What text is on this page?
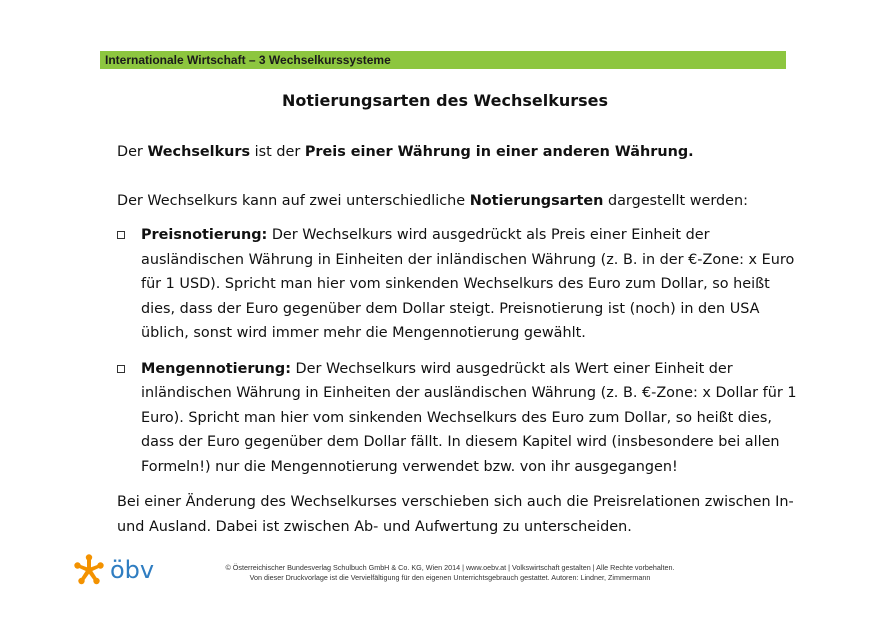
Internationale Wirtschaft – 3 Wechselkurssysteme
Notierungsarten des Wechselkurses

Der Wechselkurs ist der Preis einer Währung in einer anderen Währung.

Der Wechselkurs kann auf zwei unterschiedliche Notierungsarten dargestellt werden:

Preisnotierung: Der Wechselkurs wird ausgedrückt als Preis einer Einheit der ausländischen Währung in Einheiten der inländischen Währung (z. B. in der €-Zone: x Euro für 1 USD). Spricht man hier vom sinkenden Wechselkurs des Euro zum Dollar, so heißt dies, dass der Euro gegenüber dem Dollar steigt. Preisnotierung ist (noch) in den USA üblich, sonst wird immer mehr die Mengennotierung gewählt.
Mengennotierung: Der Wechselkurs wird ausgedrückt als Wert einer Einheit der inländischen Währung in Einheiten der ausländischen Währung (z. B. €-Zone: x Dollar für 1 Euro). Spricht man hier vom sinkenden Wechselkurs des Euro zum Dollar, so heißt dies, dass der Euro gegenüber dem Dollar fällt. In diesem Kapitel wird (insbesondere bei allen Formeln!) nur die Mengennotierung verwendet bzw. von ihr ausgegangen!

Bei einer Änderung des Wechselkurses verschieben sich auch die Preisrelationen zwischen In- und Ausland. Dabei ist zwischen Ab- und Aufwertung zu unterscheiden.

öbv	© Österreichischer Bundesverlag Schulbuch GmbH & Co. KG, Wien 2014 | www.oebv.at | Volkswirtschaft gestalten | Alle Rechte vorbehalten.
Von dieser Druckvorlage ist die Vervielfältigung für den eigenen Unterrichtsgebrauch gestattet. Autoren: Lindner, Zimmermann
